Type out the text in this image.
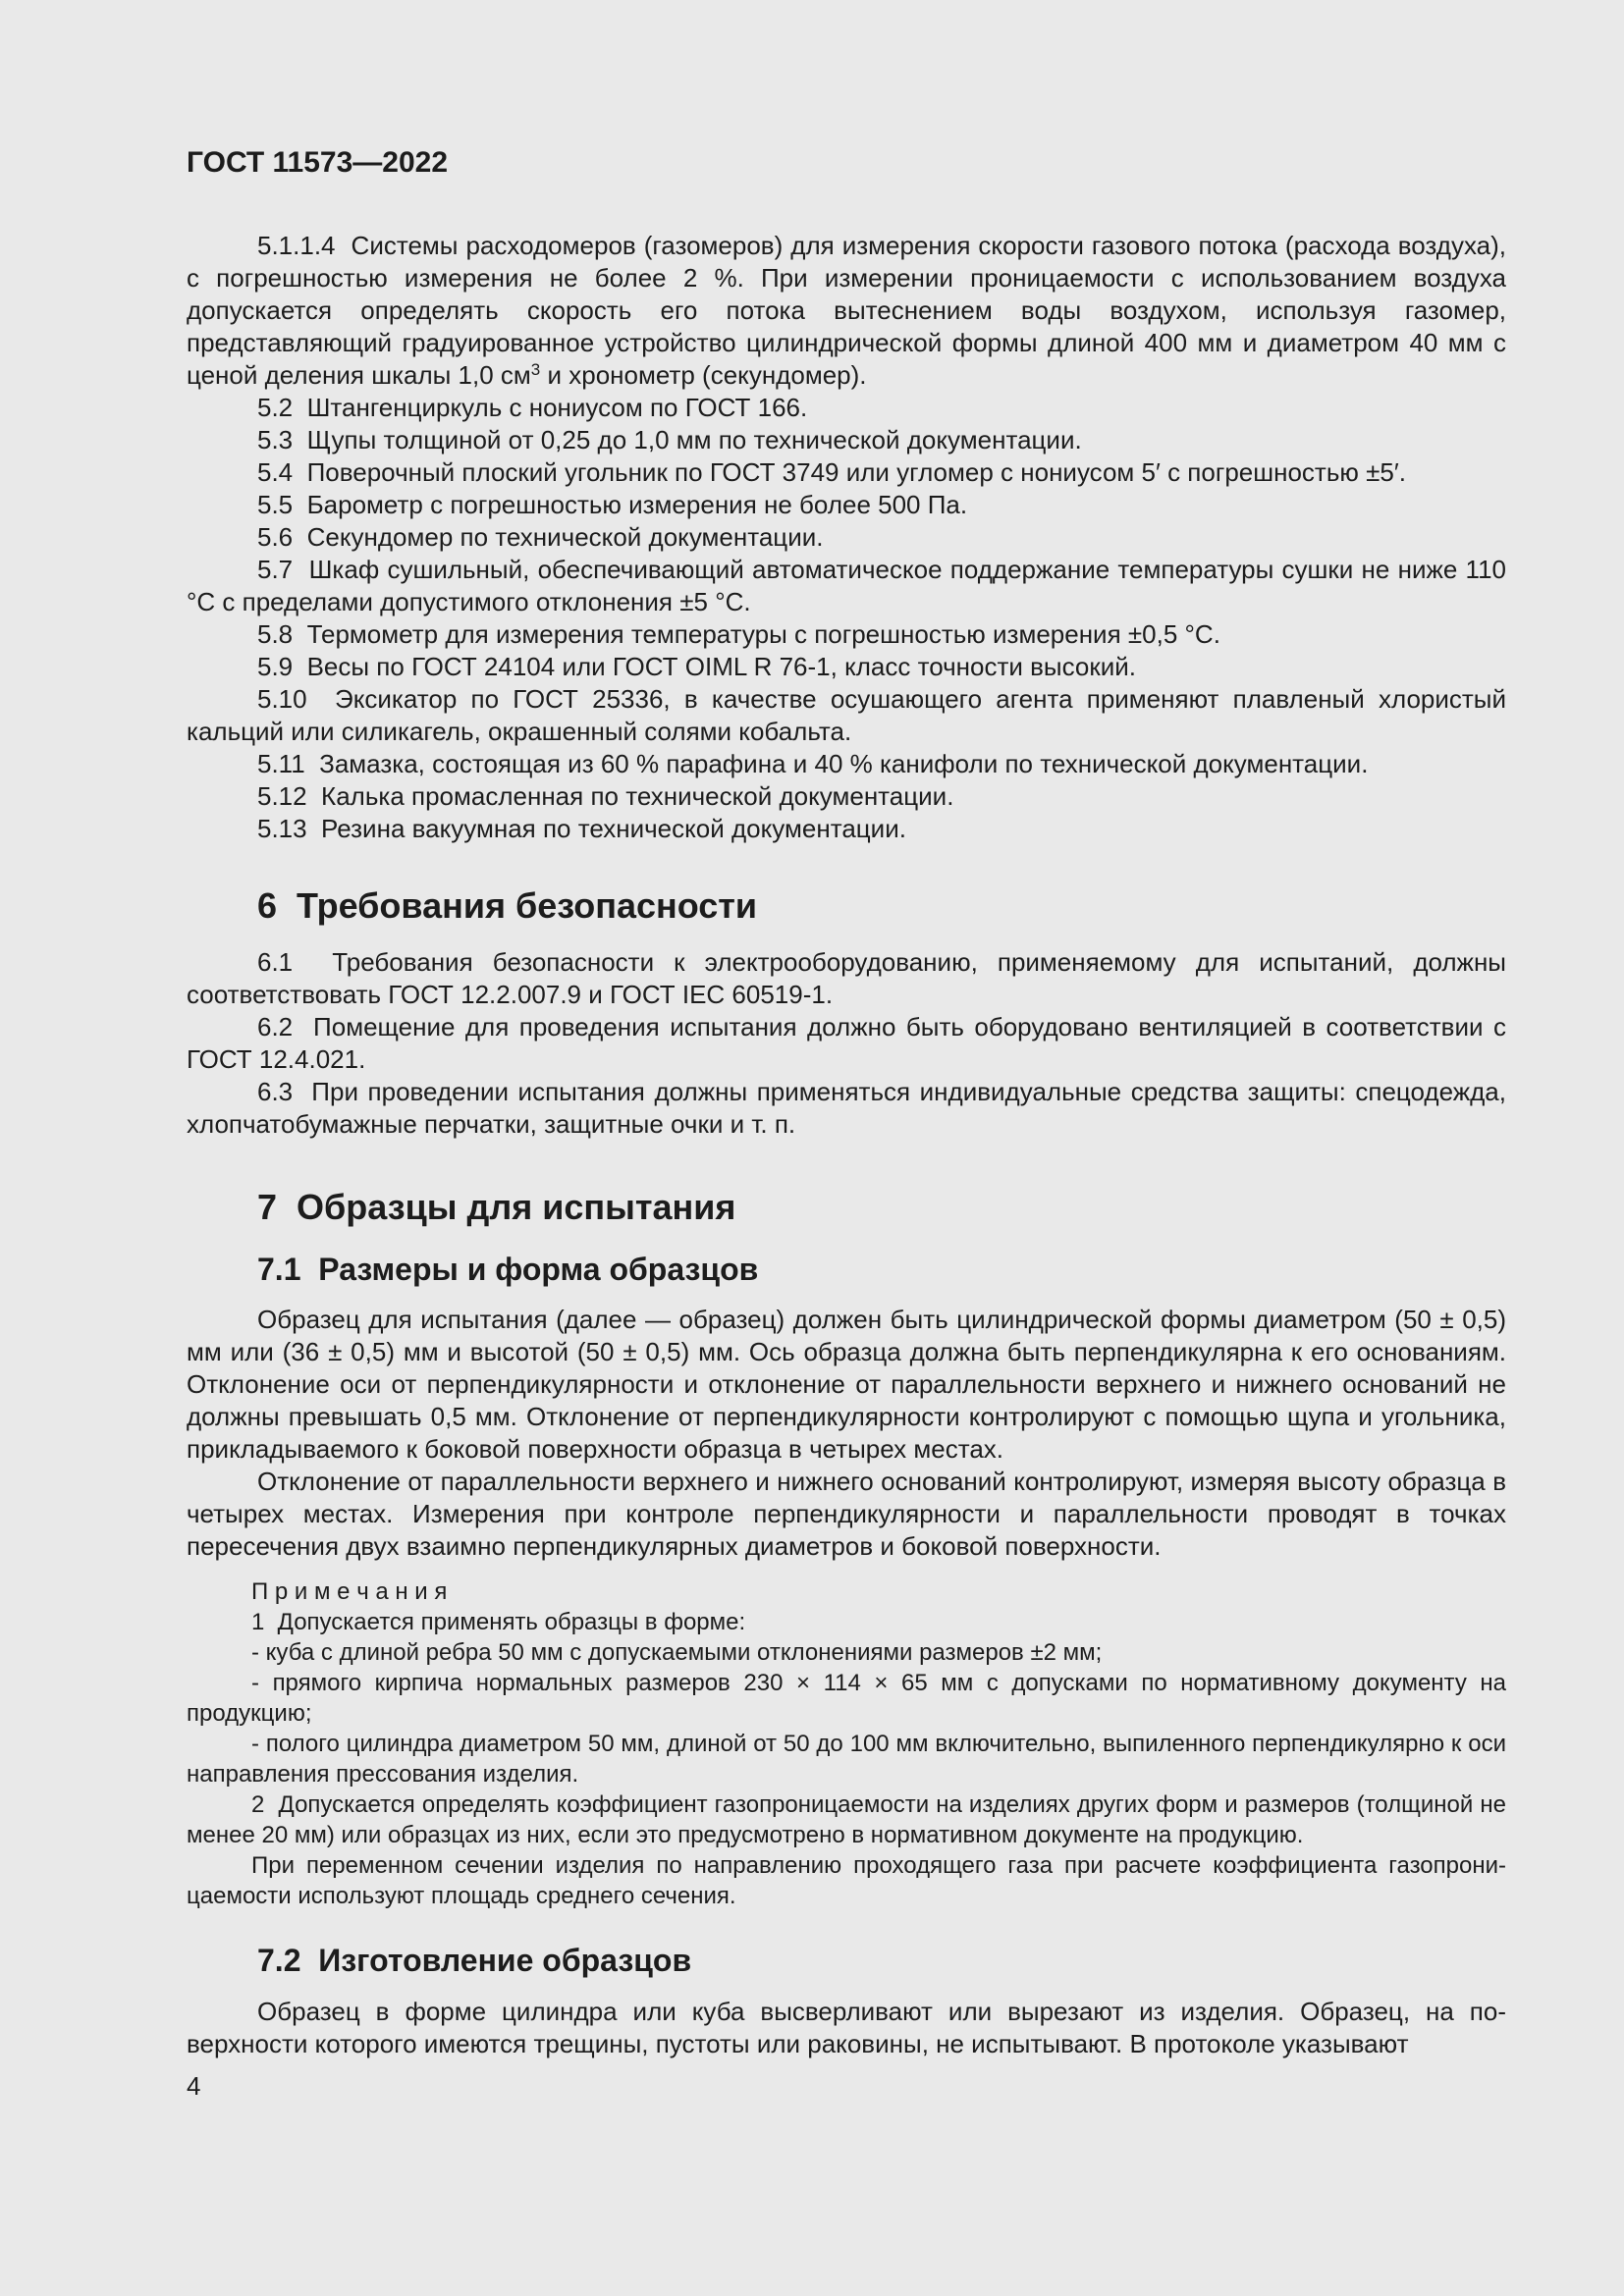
ГОСТ 11573—2022

5.1.1.4  Системы расходомеров (газомеров) для измерения скорости газового потока (расхода воздуха), с погрешностью измерения не более 2 %. При измерении проницаемости с использованием воздуха допускается определять скорость его потока вытеснением воды воздухом, используя газомер, представляющий градуированное устройство цилиндрической формы длиной 400 мм и диаметром 40 мм с ценой деления шкалы 1,0 $см^3$ и хронометр (секундомер).

5.2  Штангенциркуль с нониусом по ГОСТ 166.

5.3  Щупы толщиной от 0,25 до 1,0 мм по технической документации.

5.4  Поверочный плоский угольник по ГОСТ 3749 или угломер с нониусом 5′ с погрешностью ±5′.

5.5  Барометр с погрешностью измерения не более 500 Па.

5.6  Секундомер по технической документации.

5.7  Шкаф сушильный, обеспечивающий автоматическое поддержание температуры сушки не ниже 110 °С с пределами допустимого отклонения ±5 °С.

5.8  Термометр для измерения температуры с погрешностью измерения ±0,5 °С.

5.9  Весы по ГОСТ 24104 или ГОСТ OIML R 76-1, класс точности высокий.

5.10  Эксикатор по ГОСТ 25336, в качестве осушающего агента применяют плавленый хлористый кальций или силикагель, окрашенный солями кобальта.

5.11  Замазка, состоящая из 60 % парафина и 40 % канифоли по технической документации.

5.12  Калька промасленная по технической документации.

5.13  Резина вакуумная по технической документации.

6  Требования безопасности

6.1  Требования безопасности к электрооборудованию, применяемому для испытаний, должны соответствовать ГОСТ 12.2.007.9 и ГОСТ IEC 60519-1.

6.2  Помещение для проведения испытания должно быть оборудовано вентиляцией в соответствии с ГОСТ 12.4.021.

6.3  При проведении испытания должны применяться индивидуальные средства защиты: спецодежда, хлопчатобумажные перчатки, защитные очки и т. п.

7  Образцы для испытания
7.1  Размеры и форма образцов

Образец для испытания (далее — образец) должен быть цилиндрической формы диаметром (50 ± 0,5) мм или (36 ± 0,5) мм и высотой (50 ± 0,5) мм. Ось образца должна быть перпендикулярна к его основаниям. Отклонение оси от перпендикулярности и отклонение от параллельности верхнего и нижнего оснований не должны превышать 0,5 мм. Отклонение от перпендикулярности контролируют с помощью щупа и угольника, прикладываемого к боковой поверхности образца в четырех местах.

Отклонение от параллельности верхнего и нижнего оснований контролируют, измеряя высоту образца в четырех местах. Измерения при контроле перпендикулярности и параллельности проводят в точках пересечения двух взаимно перпендикулярных диаметров и боковой поверхности.

П р и м е ч а н и я

1  Допускается применять образцы в форме:

- куба с длиной ребра 50 мм с допускаемыми отклонениями размеров ±2 мм;

- прямого кирпича нормальных размеров 230 × 114 × 65 мм с допусками по нормативному документу на продукцию;

- полого цилиндра диаметром 50 мм, длиной от 50 до 100 мм включительно, выпиленного перпендикулярно к оси направления прессования изделия.

2  Допускается определять коэффициент газопроницаемости на изделиях других форм и размеров (толщиной не менее 20 мм) или образцах из них, если это предусмотрено в нормативном документе на продукцию.

При переменном сечении изделия по направлению проходящего газа при расчете коэффициента газопроницаемости используют площадь среднего сечения.

7.2  Изготовление образцов

Образец в форме цилиндра или куба высверливают или вырезают из изделия. Образец, на поверхности которого имеются трещины, пустоты или раковины, не испытывают. В протоколе указывают

4
